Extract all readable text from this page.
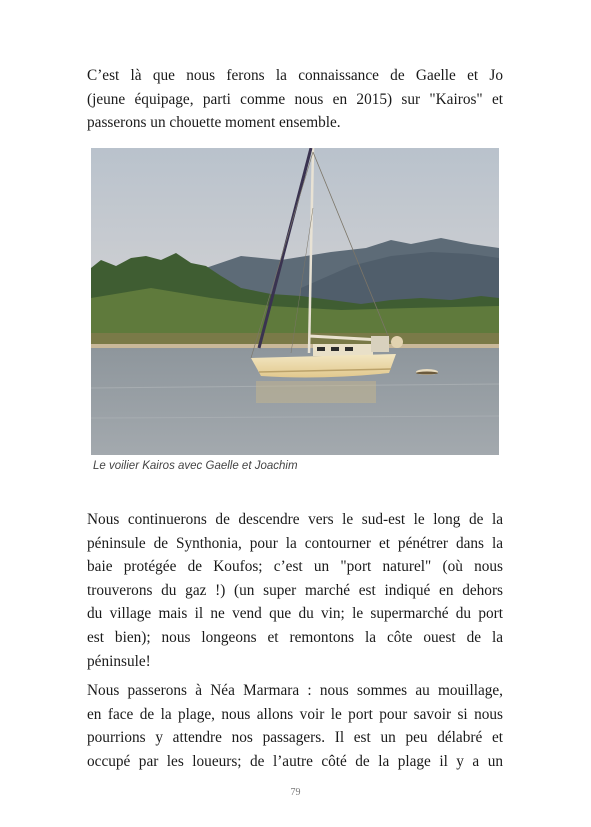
C’est là que nous ferons la connaissance de Gaelle et Jo
(jeune équipage, parti comme nous en 2015) sur "Kairos" et
passerons un chouette moment ensemble.

Le voilier Kairos avec Gaelle et Joachim

Nous continuerons de descendre vers le sud-est le long de la
péninsule de Synthonia, pour la contourner et pénétrer dans la
baie protégée de Koufos; c’est un "port naturel" (où nous
trouverons du gaz !) (un super marché est indiqué en dehors
du village mais il ne vend que du vin; le supermarché du port
est bien); nous longeons et remontons la côte ouest de la
péninsule!

Nous passerons à Néa Marmara : nous sommes au mouillage,
en face de la plage, nous allons voir le port pour savoir si nous
pourrions y attendre nos passagers. Il est un peu délabré et
occupé par les loueurs; de l’autre côté de la plage il y a un

79
